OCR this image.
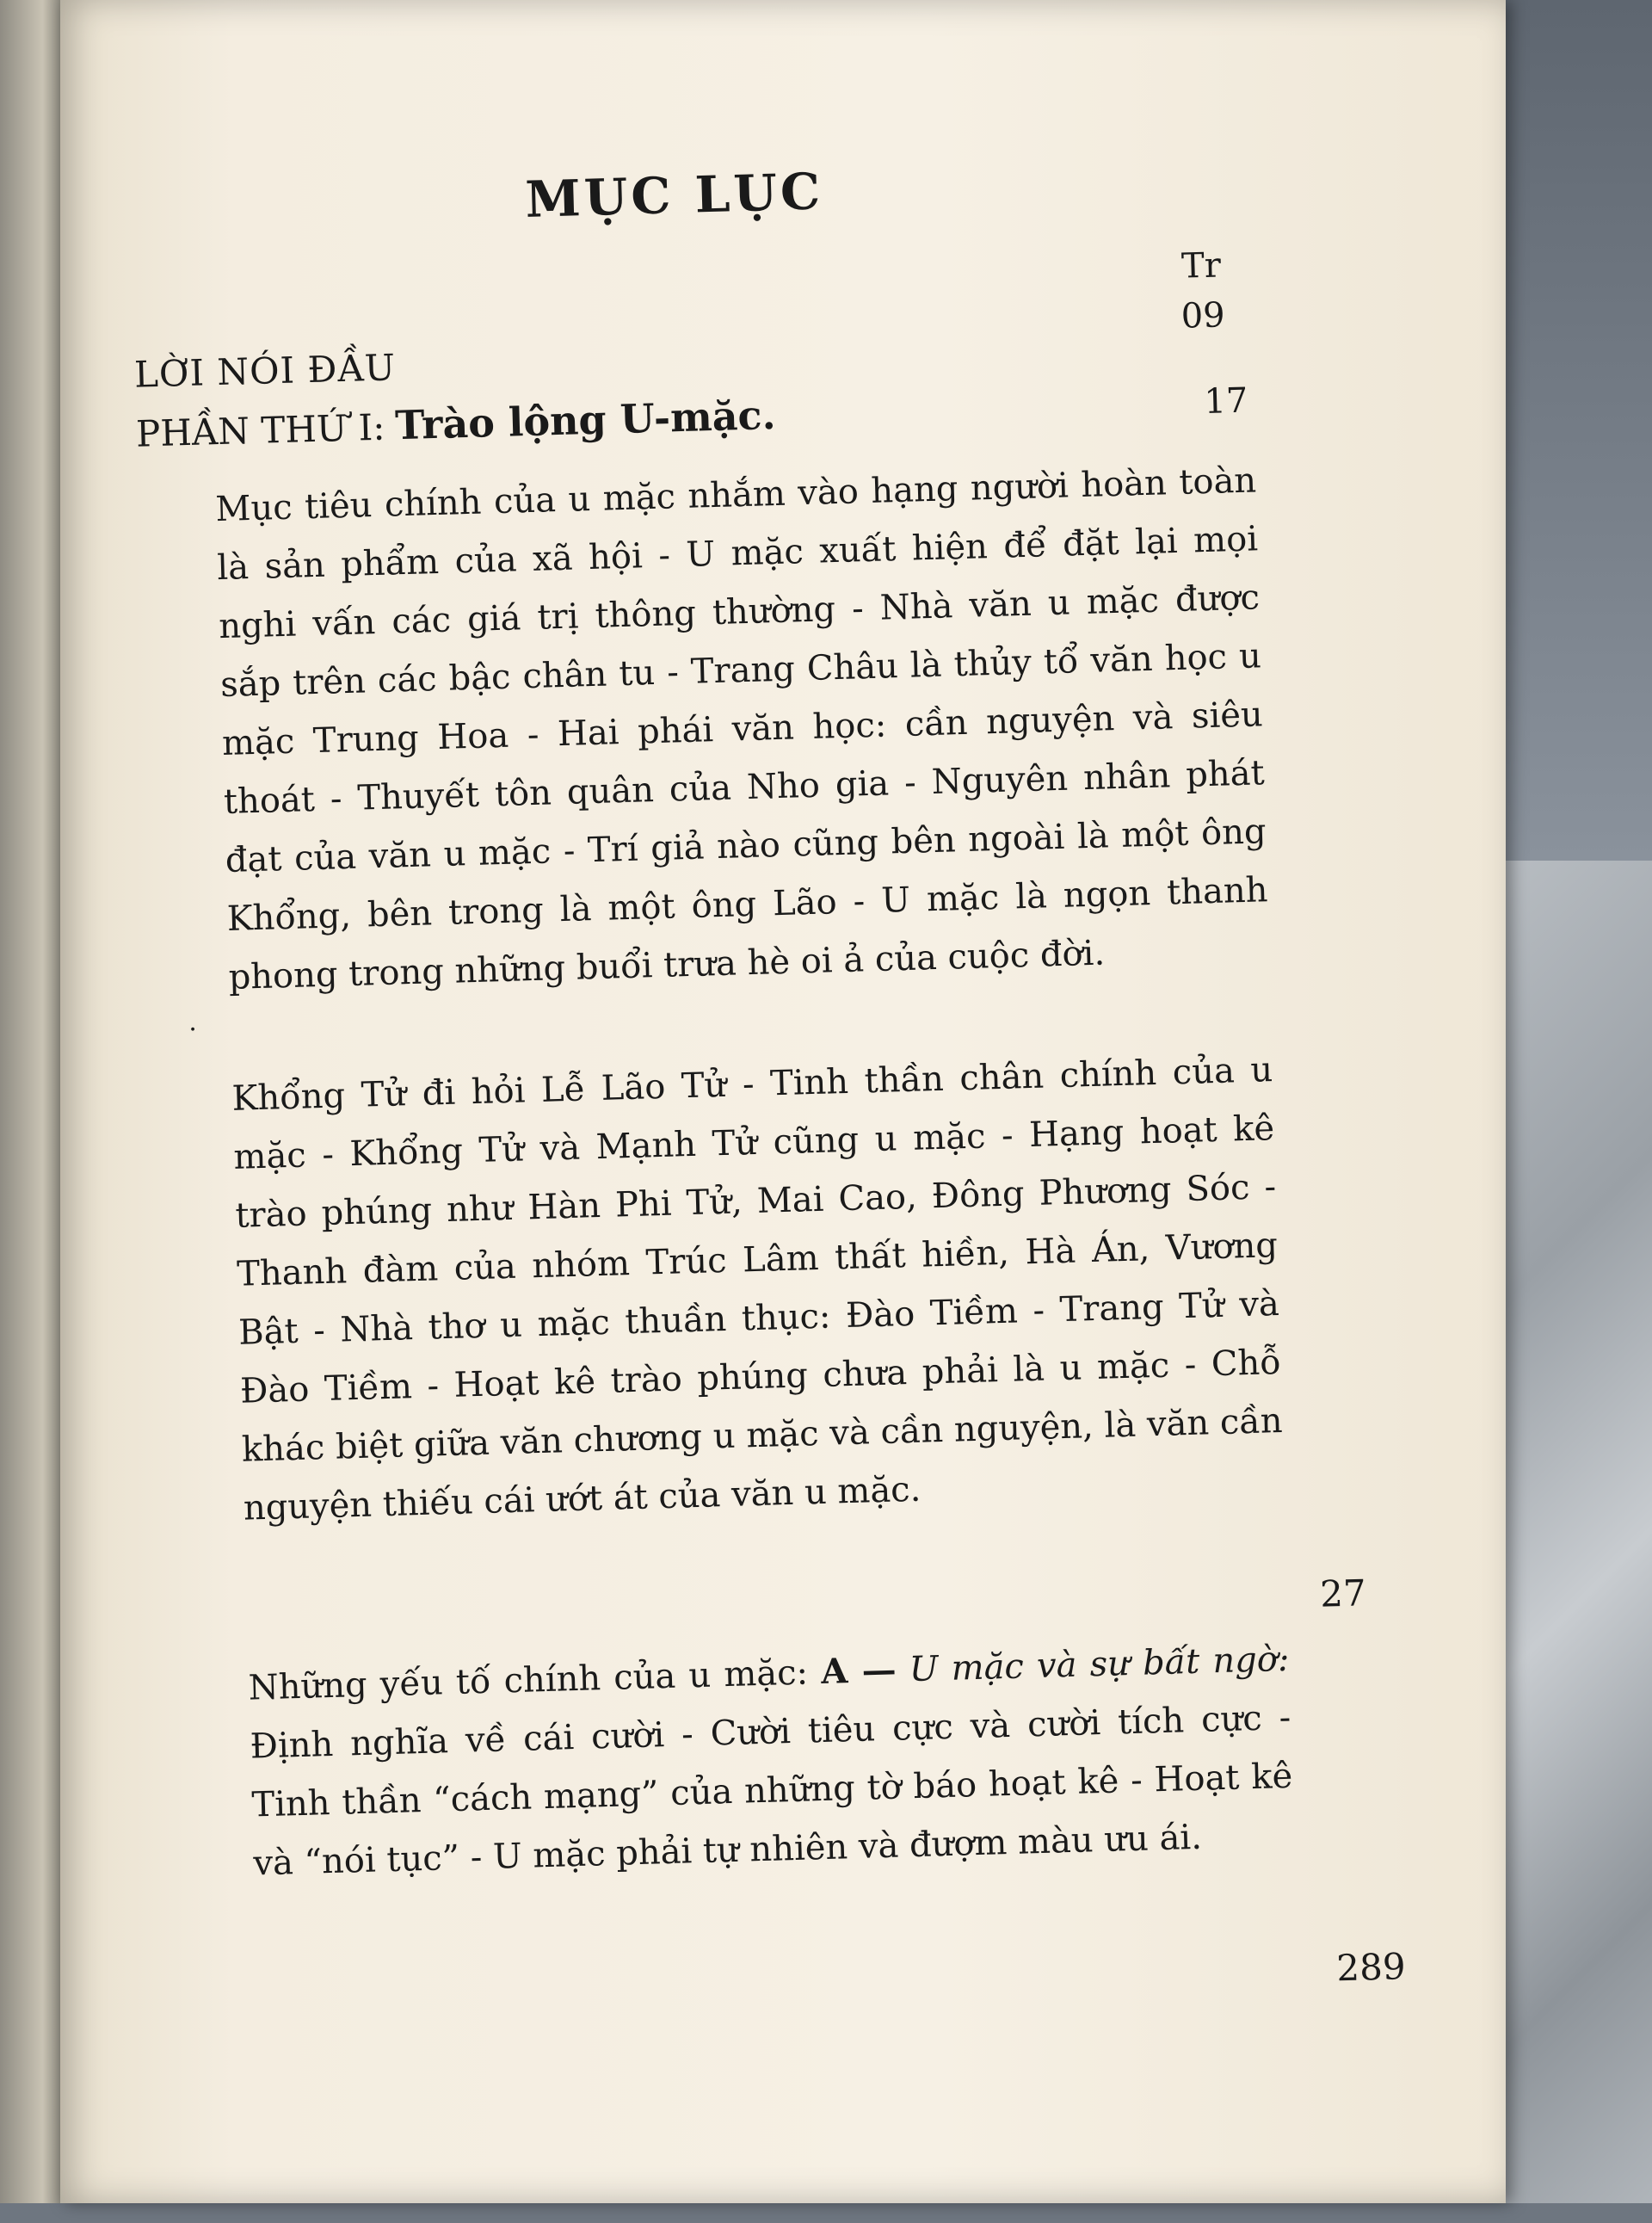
MỤC LỤC
Tr
LỜI NÓI ĐẦU
09
PHẦN THỨ I: Trào lộng U-mặc.	17
Mục tiêu chính của u mặc nhắm vào hạng người hoàn toàn là sản phẩm của xã hội - U mặc xuất hiện để đặt lại mọi nghi vấn các giá trị thông thường - Nhà văn u mặc được sắp trên các bậc chân tu - Trang Châu là thủy tổ văn học u mặc Trung Hoa - Hai phái văn học: cần nguyện và siêu thoát - Thuyết tôn quân của Nho gia - Nguyên nhân phát đạt của văn u mặc - Trí giả nào cũng bên ngoài là một ông Khổng, bên trong là một ông Lão - U mặc là ngọn thanh phong trong những buổi trưa hè oi ả của cuộc đời.
·
Khổng Tử đi hỏi Lễ Lão Tử - Tinh thần chân chính của u mặc - Khổng Tử và Mạnh Tử cũng u mặc - Hạng hoạt kê trào phúng như Hàn Phi Tử, Mai Cao, Đông Phương Sóc - Thanh đàm của nhóm Trúc Lâm thất hiền, Hà Án, Vương Bật - Nhà thơ u mặc thuần thục: Đào Tiềm - Trang Tử và Đào Tiềm - Hoạt kê trào phúng chưa phải là u mặc - Chỗ khác biệt giữa văn chương u mặc và cần nguyện, là văn cần nguyện thiếu cái ướt át của văn u mặc.
27
Những yếu tố chính của u mặc: A — U mặc và sự bất ngờ: Định nghĩa về cái cười - Cười tiêu cực và cười tích cực - Tinh thần “cách mạng” của những tờ báo hoạt kê - Hoạt kê và “nói tục” - U mặc phải tự nhiên và đượm màu ưu ái.
289
